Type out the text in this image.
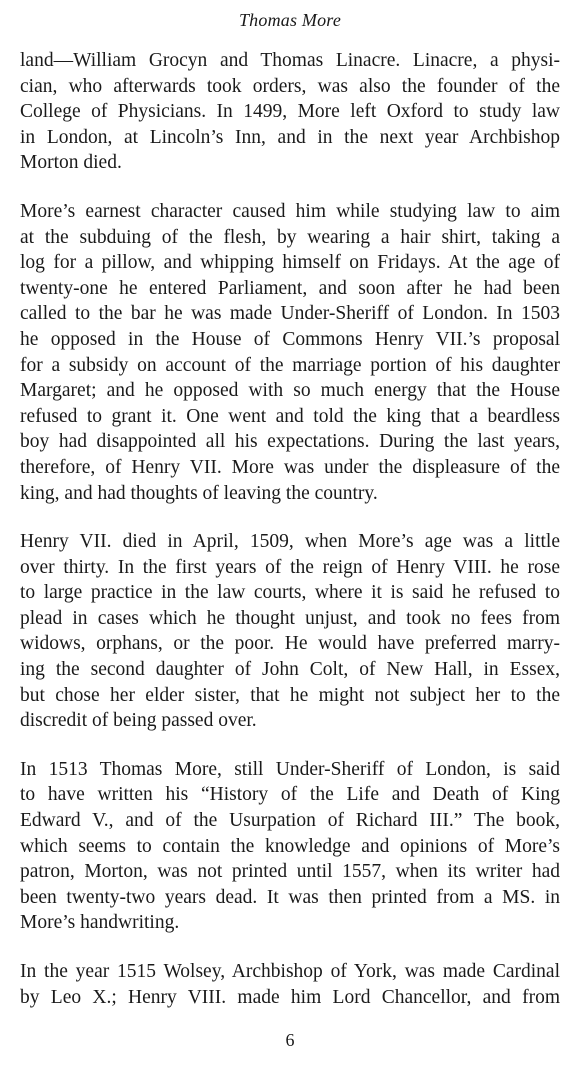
Thomas More

land—William Grocyn and Thomas Linacre. Linacre, a physi-
cian, who afterwards took orders, was also the founder of the
College of Physicians. In 1499, More left Oxford to study law
in London, at Lincoln’s Inn, and in the next year Archbishop
Morton died.

More’s earnest character caused him while studying law to aim
at the subduing of the flesh, by wearing a hair shirt, taking a
log for a pillow, and whipping himself on Fridays. At the age of
twenty-one he entered Parliament, and soon after he had been
called to the bar he was made Under-Sheriff of London. In 1503
he opposed in the House of Commons Henry VII.’s proposal
for a subsidy on account of the marriage portion of his daughter
Margaret; and he opposed with so much energy that the House
refused to grant it. One went and told the king that a beardless
boy had disappointed all his expectations. During the last years,
therefore, of Henry VII. More was under the displeasure of the
king, and had thoughts of leaving the country.

Henry VII. died in April, 1509, when More’s age was a little
over thirty. In the first years of the reign of Henry VIII. he rose
to large practice in the law courts, where it is said he refused to
plead in cases which he thought unjust, and took no fees from
widows, orphans, or the poor. He would have preferred marry-
ing the second daughter of John Colt, of New Hall, in Essex,
but chose her elder sister, that he might not subject her to the
discredit of being passed over.

In 1513 Thomas More, still Under-Sheriff of London, is said
to have written his “History of the Life and Death of King
Edward V., and of the Usurpation of Richard III.” The book,
which seems to contain the knowledge and opinions of More’s
patron, Morton, was not printed until 1557, when its writer had
been twenty-two years dead. It was then printed from a MS. in
More’s handwriting.

In the year 1515 Wolsey, Archbishop of York, was made Cardinal
by Leo X.; Henry VIII. made him Lord Chancellor, and from

6
